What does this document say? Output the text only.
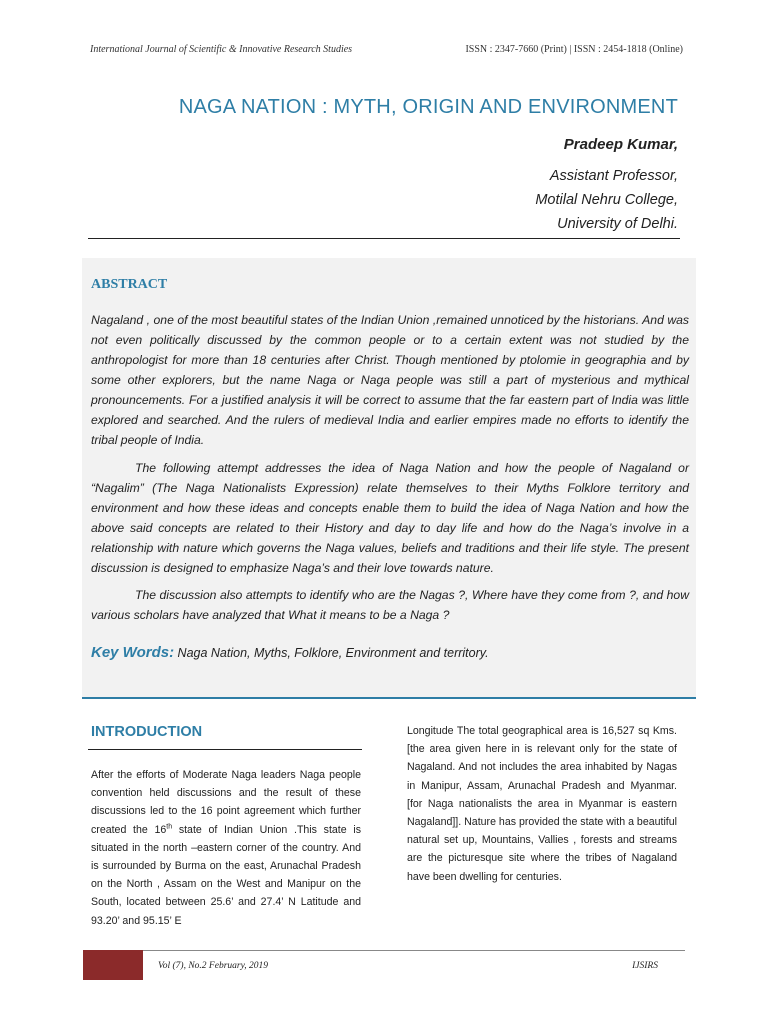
International Journal of Scientific & Innovative Research Studies	ISSN : 2347-7660 (Print) | ISSN : 2454-1818 (Online)
NAGA NATION : MYTH, ORIGIN AND ENVIRONMENT
Pradeep Kumar,
Assistant Professor,
Motilal Nehru College,
University of Delhi.
ABSTRACT

Nagaland , one of the most beautiful states of the Indian Union ,remained unnoticed by the historians. And was not even politically discussed by the common people or to a certain extent was not studied by the anthropologist for more than 18 centuries after Christ. Though mentioned by ptolomie in geographia and by some other explorers, but the name Naga or Naga people was still a part of mysterious and mythical pronouncements. For a justified analysis it will be correct to assume that the far eastern part of India was little explored and searched. And the rulers of medieval India and earlier empires made no efforts to identify the tribal people of India.

The following attempt addresses the idea of Naga Nation and how the people of Nagaland or “Nagalim” (The Naga Nationalists Expression) relate themselves to their Myths Folklore territory and environment and how these ideas and concepts enable them to build the idea of Naga Nation and how the above said concepts are related to their History and day to day life and how do the Naga’s involve in a relationship with nature which governs the Naga values, beliefs and traditions and their life style. The present discussion is designed to emphasize Naga’s and their love towards nature.

The discussion also attempts to identify who are the Nagas ?, Where have they come from ?, and how various scholars have analyzed that What it means to be a Naga ?

Key Words: Naga Nation, Myths, Folklore, Environment and territory.
INTRODUCTION

After the efforts of Moderate Naga leaders Naga people convention held discussions and the result of these discussions led to the 16 point agreement which further created the 16th state of Indian Union .This state is situated in the north –eastern corner of the country. And is surrounded by Burma on the east, Arunachal Pradesh on the North , Assam on the West and Manipur on the South, located between 25.6’ and 27.4’ N Latitude and 93.20’ and 95.15’ E

Longitude The total geographical area is 16,527 sq Kms. [the area given here in is relevant only for the state of Nagaland. And not includes the area inhabited by Nagas in Manipur, Assam, Arunachal Pradesh and Myanmar. [for Naga nationalists the area in Myanmar is eastern Nagaland]]. Nature has provided the state with a beautiful natural set up, Mountains, Vallies , forests and streams are the picturesque site where the tribes of Nagaland have been dwelling for centuries.

Vol (7), No.2 February, 2019	IJSIRS
